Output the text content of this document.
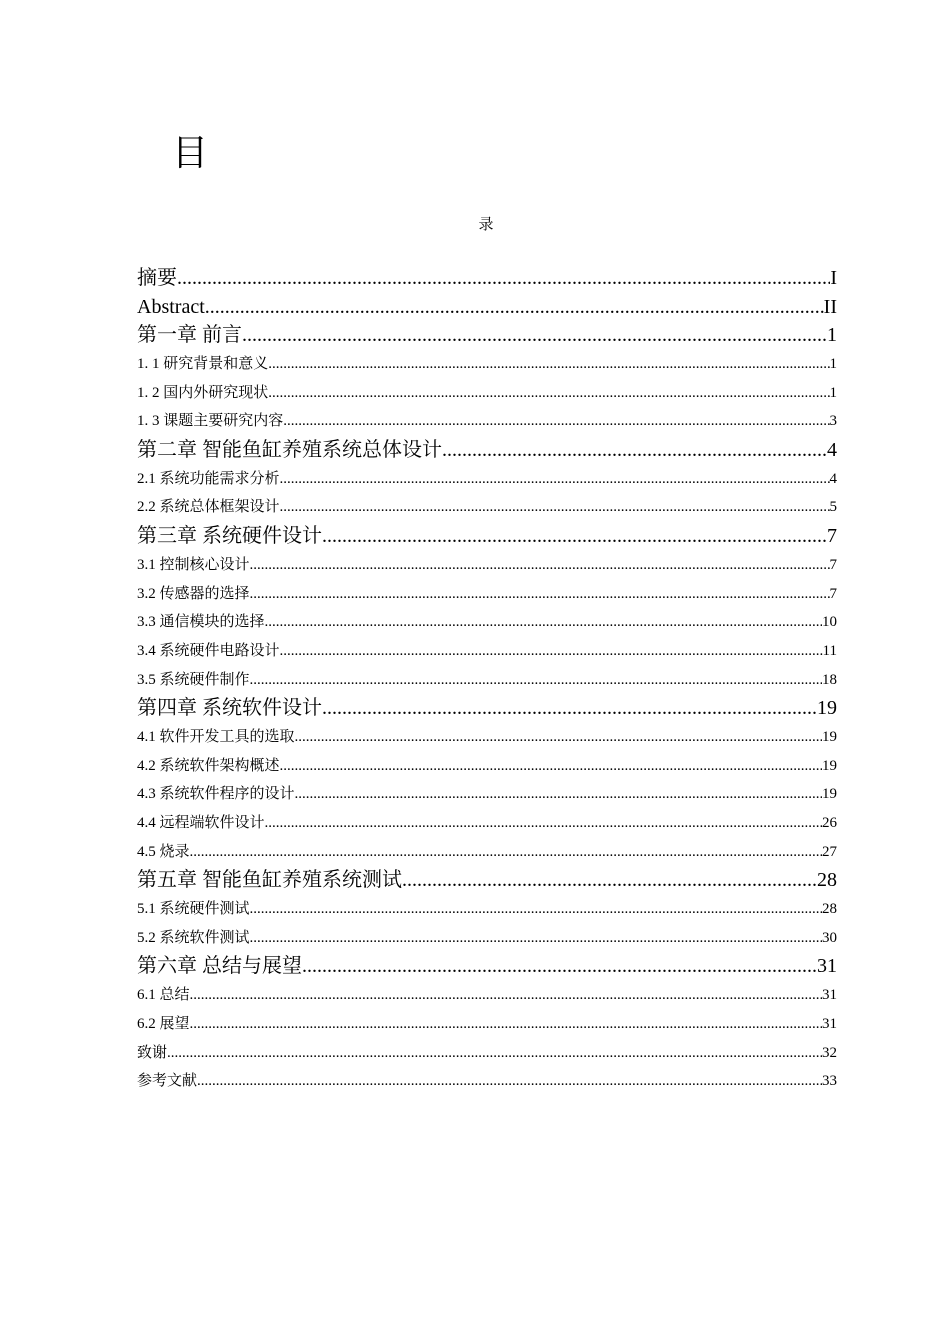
目
录
摘要 .....	I
Abstract .....	II
第一章 前言 .....	1
1. 1 研究背景和意义 .....	1
1. 2 国内外研究现状 .....	1
1. 3 课题主要研究内容 .....	3
第二章 智能鱼缸养殖系统总体设计 .....	4
2.1 系统功能需求分析 .....	4
2.2 系统总体框架设计 .....	5
第三章 系统硬件设计 .....	7
3.1 控制核心设计 .....	7
3.2 传感器的选择 .....	7
3.3 通信模块的选择 .....	10
3.4 系统硬件电路设计 .....	11
3.5 系统硬件制作 .....	18
第四章 系统软件设计 .....	19
4.1 软件开发工具的选取 .....	19
4.2 系统软件架构概述 .....	19
4.3 系统软件程序的设计 .....	19
4.4 远程端软件设计 .....	26
4.5 烧录 .....	27
第五章 智能鱼缸养殖系统测试 .....	28
5.1 系统硬件测试 .....	28
5.2 系统软件测试 .....	30
第六章 总结与展望 .....	31
6.1 总结 .....	31
6.2 展望 .....	31
致谢 .....	32
参考文献 .....	33
